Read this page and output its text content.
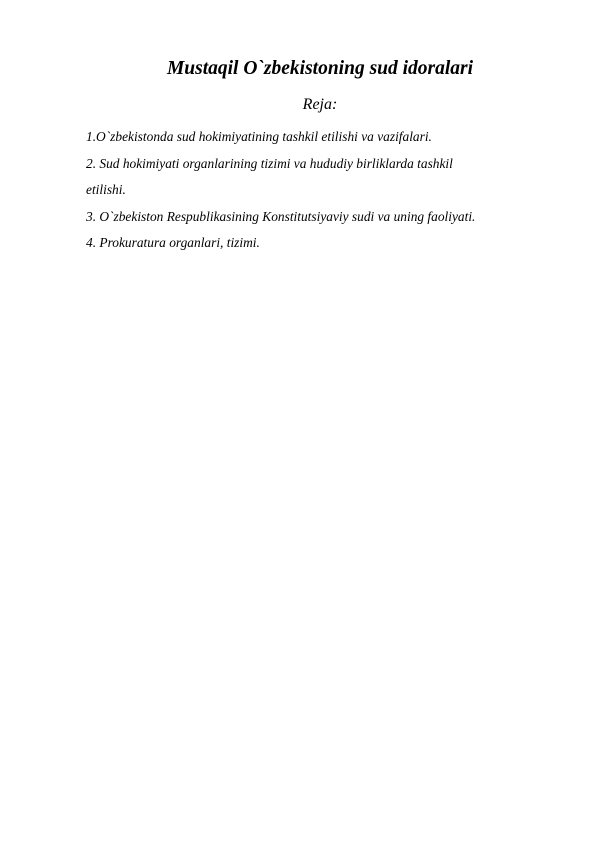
Mustaqil O`zbekistoning sud idoralari
Reja:
1.O`zbekistonda sud hokimiyatining tashkil etilishi va vazifalari.
2. Sud hokimiyati organlarining tizimi va hududiy birliklarda tashkil
etilishi.
3. O`zbekiston Respublikasining Konstitutsiyaviy sudi va uning faoliyati.
4. Prokuratura organlari, tizimi.
